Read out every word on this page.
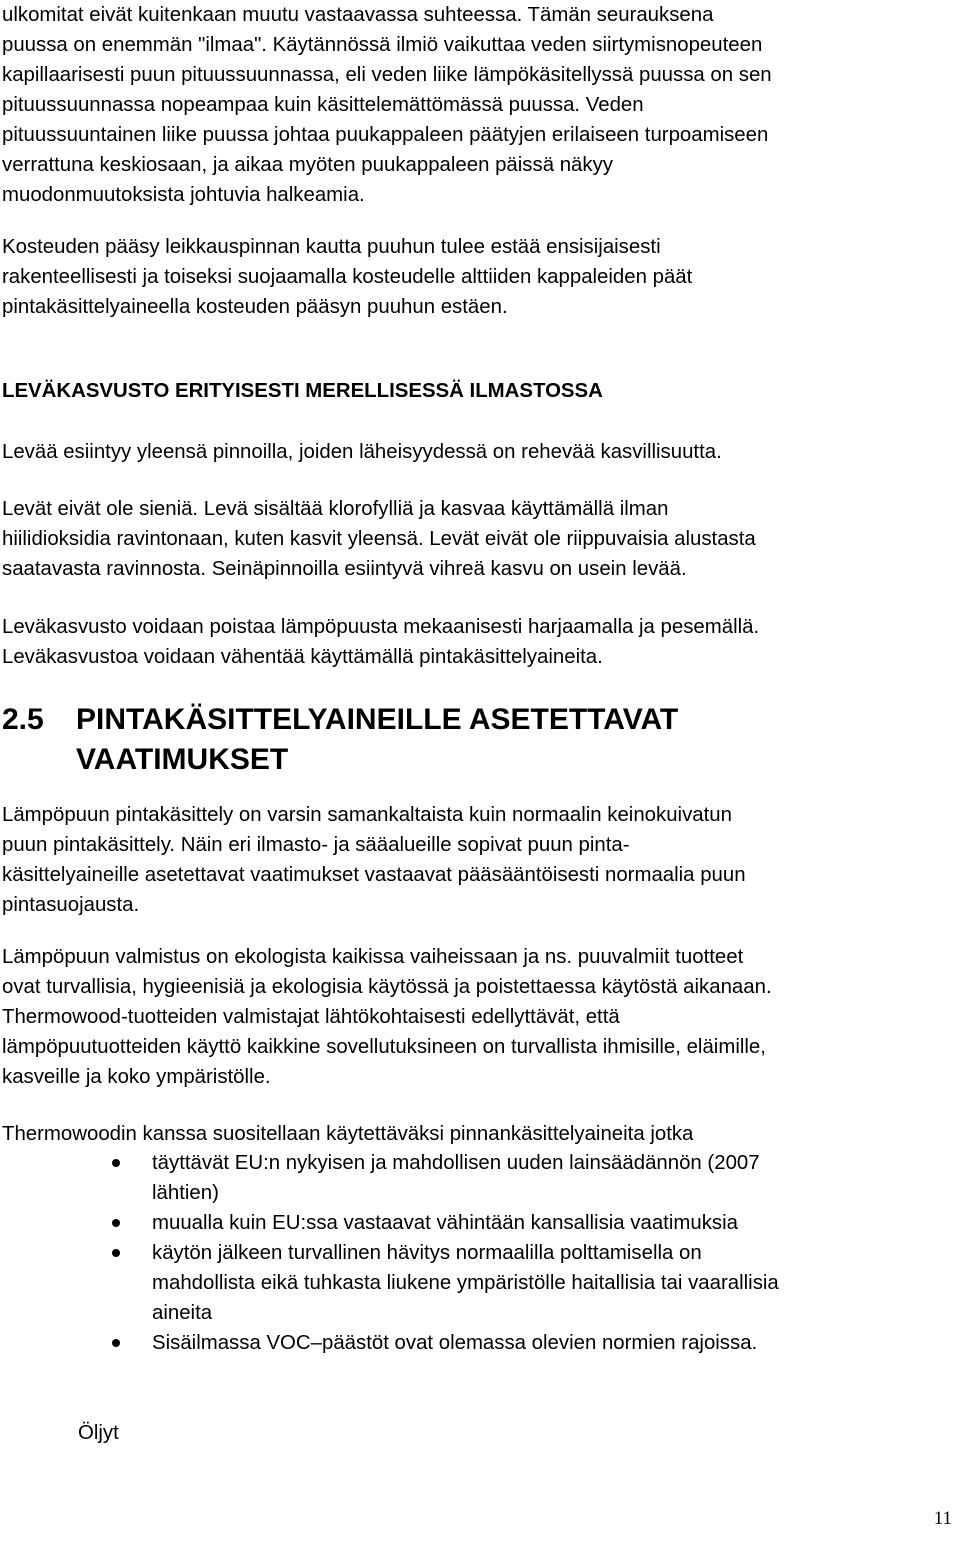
ulkomitat eivät kuitenkaan muutu vastaavassa suhteessa. Tämän seurauksena
puussa on enemmän "ilmaa". Käytännössä ilmiö vaikuttaa veden siirtymisnopeuteen
kapillaarisesti puun pituussuunnassa, eli veden liike lämpökäsitellyssä puussa on sen
pituussuunnassa nopeampaa kuin käsittelemättömässä puussa. Veden
pituussuuntainen liike puussa johtaa puukappaleen päätyjen erilaiseen turpoamiseen
verrattuna keskiosaan, ja aikaa myöten puukappaleen päissä näkyy
muodonmuutoksista johtuvia halkeamia.
Kosteuden pääsy leikkauspinnan kautta puuhun tulee estää ensisijaisesti
rakenteellisesti ja toiseksi suojaamalla kosteudelle alttiiden kappaleiden päät
pintakäsittelyaineella kosteuden pääsyn puuhun estäen.
LEVÄKASVUSTO ERITYISESTI MERELLISESSÄ ILMASTOSSA
Levää esiintyy yleensä pinnoilla, joiden läheisyydessä on rehevää kasvillisuutta.
Levät eivät ole sieniä. Levä sisältää klorofylliä ja kasvaa käyttämällä ilman
hiilidioksidia ravintonaan, kuten kasvit yleensä. Levät eivät ole riippuvaisia alustasta
saatavasta ravinnosta. Seinäpinnoilla esiintyvä vihreä kasvu on usein levää.
Leväkasvusto voidaan poistaa lämpöpuusta mekaanisesti harjaamalla ja pesemällä.
Leväkasvustoa voidaan vähentää käyttämällä pintakäsittelyaineita.
2.5 PINTAKÄSITTELYAINEILLE ASETETTAVAT
VAATIMUKSET
Lämpöpuun pintakäsittely on varsin samankaltaista kuin normaalin keinokuivatun
puun pintakäsittely. Näin eri ilmasto- ja sääalueille sopivat puun pinta-
käsittelyaineille asetettavat vaatimukset vastaavat pääsääntöisesti normaalia puun
pintasuojausta.
Lämpöpuun valmistus on ekologista kaikissa vaiheissaan ja ns. puuvalmiit tuotteet
ovat turvallisia, hygieenisiä ja ekologisia käytössä ja poistettaessa käytöstä aikanaan.
Thermowood-tuotteiden valmistajat lähtökohtaisesti edellyttävät, että
lämpöpuutuotteiden käyttö kaikkine sovellutuksineen on turvallista ihmisille, eläimille,
kasveille ja koko ympäristölle.
Thermowoodin kanssa suositellaan käytettäväksi pinnankäsittelyaineita jotka
täyttävät EU:n nykyisen ja mahdollisen uuden lainsäädännön (2007
lähtien)
muualla kuin EU:ssa vastaavat vähintään kansallisia vaatimuksia
käytön jälkeen turvallinen hävitys normaalilla polttamisella on
mahdollista eikä tuhkasta liukene ympäristölle haitallisia tai vaarallisia
aineita
Sisäilmassa VOC–päästöt ovat olemassa olevien normien rajoissa.
Öljyt
11
